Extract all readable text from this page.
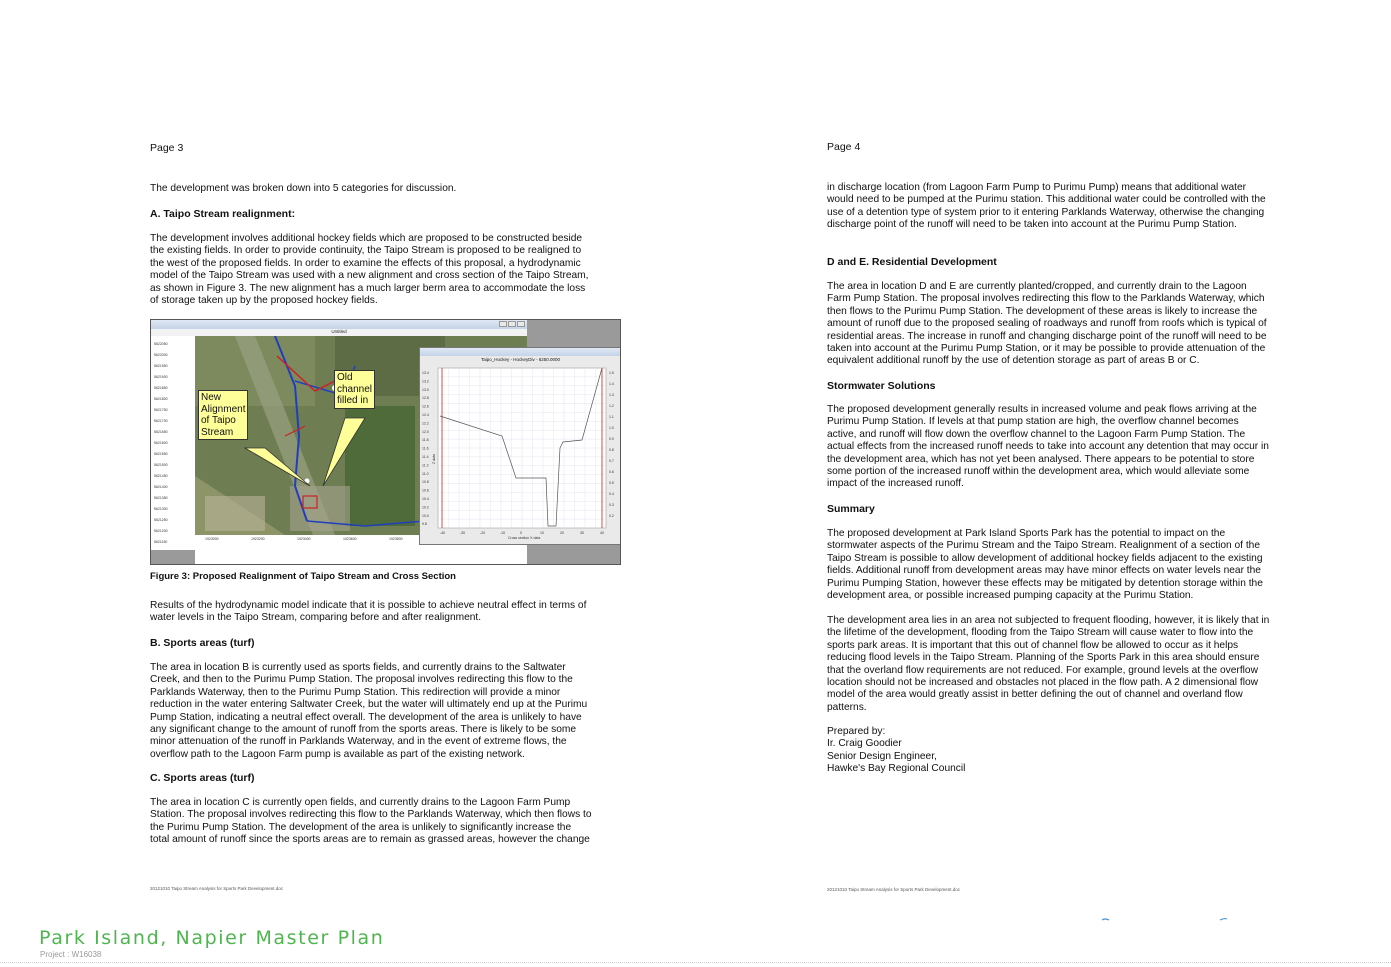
Page 3

The development was broken down into 5 categories for discussion.

A. Taipo Stream realignment:

The development involves additional hockey fields which are proposed to be constructed beside
the existing fields. In order to provide continuity, the Taipo Stream is proposed to be realigned to
the west of the proposed fields. In order to examine the effects of this proposal, a hydrodynamic
model of the Taipo Stream was used with a new alignment and cross section of the Taipo Stream,
as shown in Figure 3. The new alignment has a much larger berm area to accommodate the loss
of storage taken up by the proposed hockey fields.

Untitled
5622050
5622000
5621950
5621900
5621850
5621800
5621750
5621700
5621650
5621600
5621550
5621500
5621450
5621400
5621350
5621300
5621250
5621200
5621150
New
Alignment
of Taipo
Stream
Old
channel
filled in
1923000	1923200	1923400	1923600	1923800
Taipo_Hockey - HockeyDiv - 6250.0000
13.4
13.2
13.0
12.8
12.6
12.4
12.2
12.0
11.8
11.6
11.4
11.2
11.0
10.8
10.6
10.4
10.2
10.0
9.8
1.5
1.4
1.3
1.2
1.1
1.0
0.9
0.8
0.7
0.6
0.5
0.4
0.3
0.2
-40	-30	-20	-10	0	10	20	30	40
Cross section X data
Z data
Figure 3: Proposed Realignment of Taipo Stream and Cross Section

Results of the hydrodynamic model indicate that it is possible to achieve neutral effect in terms of
water levels in the Taipo Stream, comparing before and after realignment.

B. Sports areas (turf)

The area in location B is currently used as sports fields, and currently drains to the Saltwater
Creek, and then to the Purimu Pump Station. The proposal involves redirecting this flow to the
Parklands Waterway, then to the Purimu Pump Station. This redirection will provide a minor
reduction in the water entering Saltwater Creek, but the water will ultimately end up at the Purimu
Pump Station, indicating a neutral effect overall. The development of the area is unlikely to have
any significant change to the amount of runoff from the sports areas. There is likely to be some
minor attenuation of the runoff in Parklands Waterway, and in the event of extreme flows, the
overflow path to the Lagoon Farm pump is available as part of the existing network.

C. Sports areas (turf)

The area in location C is currently open fields, and currently drains to the Lagoon Farm Pump
Station. The proposal involves redirecting this flow to the Parklands Waterway, which then flows to
the Purimu Pump Station. The development of the area is unlikely to significantly increase the
total amount of runoff since the sports areas are to remain as grassed areas, however the change

20121010 Taipo Stream Analysis for Sports Park Development.doc
Page 4

in discharge location (from Lagoon Farm Pump to Purimu Pump) means that additional water
would need to be pumped at the Purimu station. This additional water could be controlled with the
use of a detention type of system prior to it entering Parklands Waterway, otherwise the changing
discharge point of the runoff will need to be taken into account at the Purimu Pump Station.

D and E. Residential Development

The area in location D and E are currently planted/cropped, and currently drain to the Lagoon
Farm Pump Station. The proposal involves redirecting this flow to the Parklands Waterway, which
then flows to the Purimu Pump Station. The development of these areas is likely to increase the
amount of runoff due to the proposed sealing of roadways and runoff from roofs which is typical of
residential areas. The increase in runoff and changing discharge point of the runoff will need to be
taken into account at the Purimu Pump Station, or it may be possible to provide attenuation of the
equivalent additional runoff by the use of detention storage as part of areas B or C.

Stormwater Solutions

The proposed development generally results in increased volume and peak flows arriving at the
Purimu Pump Station. If levels at that pump station are high, the overflow channel becomes
active, and runoff will flow down the overflow channel to the Lagoon Farm Pump Station. The
actual effects from the increased runoff needs to take into account any detention that may occur in
the development area, which has not yet been analysed. There appears to be potential to store
some portion of the increased runoff within the development area, which would alleviate some
impact of the increased runoff.

Summary

The proposed development at Park Island Sports Park has the potential to impact on the
stormwater aspects of the Purimu Stream and the Taipo Stream. Realignment of a section of the
Taipo Stream is possible to allow development of additional hockey fields adjacent to the existing
fields. Additional runoff from development areas may have minor effects on water levels near the
Purimu Pumping Station, however these effects may be mitigated by detention storage within the
development area, or possible increased pumping capacity at the Purimu Station.

The development area lies in an area not subjected to frequent flooding, however, it is likely that in
the lifetime of the development, flooding from the Taipo Stream will cause water to flow into the
sports park areas. It is important that this out of channel flow be allowed to occur as it helps
reducing flood levels in the Taipo Stream. Planning of the Sports Park in this area should ensure
that the overland flow requirements are not reduced. For example, ground levels at the overflow
location should not be increased and obstacles not placed in the flow path. A 2 dimensional flow
model of the area would greatly assist in better defining the out of channel and overland flow
patterns.

Prepared by:
Ir. Craig Goodier
Senior Design Engineer,
Hawke's Bay Regional Council

20121010 Taipo Stream Analysis for Sports Park Development.doc
Park Island, Napier Master Plan
Project : W16038
